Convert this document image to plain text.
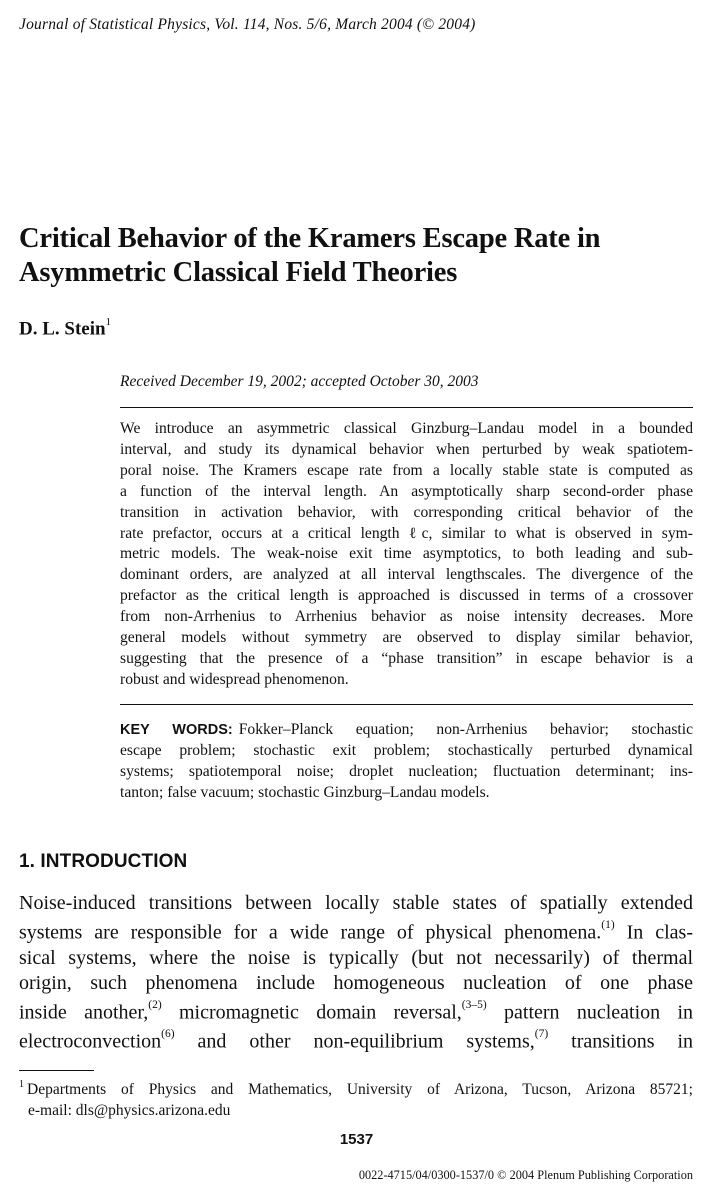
Journal of Statistical Physics, Vol. 114, Nos. 5/6, March 2004 (© 2004)
Critical Behavior of the Kramers Escape Rate in
Asymmetric Classical Field Theories
D. L. Stein$^1$
Received December 19, 2002; accepted October 30, 2003
We introduce an asymmetric classical Ginzburg–Landau model in a bounded
interval, and study its dynamical behavior when perturbed by weak spatiotem-
poral noise. The Kramers escape rate from a locally stable state is computed as
a function of the interval length. An asymptotically sharp second-order phase
transition in activation behavior, with corresponding critical behavior of the
rate prefactor, occurs at a critical length ℓc, similar to what is observed in sym-
metric models. The weak-noise exit time asymptotics, to both leading and sub-
dominant orders, are analyzed at all interval lengthscales. The divergence of the
prefactor as the critical length is approached is discussed in terms of a crossover
from non-Arrhenius to Arrhenius behavior as noise intensity decreases. More
general models without symmetry are observed to display similar behavior,
suggesting that the presence of a “phase transition” in escape behavior is a
robust and widespread phenomenon.
KEY WORDS: Fokker–Planck equation; non-Arrhenius behavior; stochastic
escape problem; stochastic exit problem; stochastically perturbed dynamical
systems; spatiotemporal noise; droplet nucleation; fluctuation determinant; ins-
tanton; false vacuum; stochastic Ginzburg–Landau models.
1. INTRODUCTION
Noise-induced transitions between locally stable states of spatially extended
systems are responsible for a wide range of physical phenomena.$^{(1)}$ In clas-
sical systems, where the noise is typically (but not necessarily) of thermal
origin, such phenomena include homogeneous nucleation of one phase
inside another,$^{(2)}$ micromagnetic domain reversal,$^{(3-5)}$ pattern nucleation in
electroconvection$^{(6)}$ and other non-equilibrium systems,$^{(7)}$ transitions in
$^1$ Departments of Physics and Mathematics, University of Arizona, Tucson, Arizona 85721;
e-mail: dls@physics.arizona.edu
1537
0022-4715/04/0300-1537/0 © 2004 Plenum Publishing Corporation
